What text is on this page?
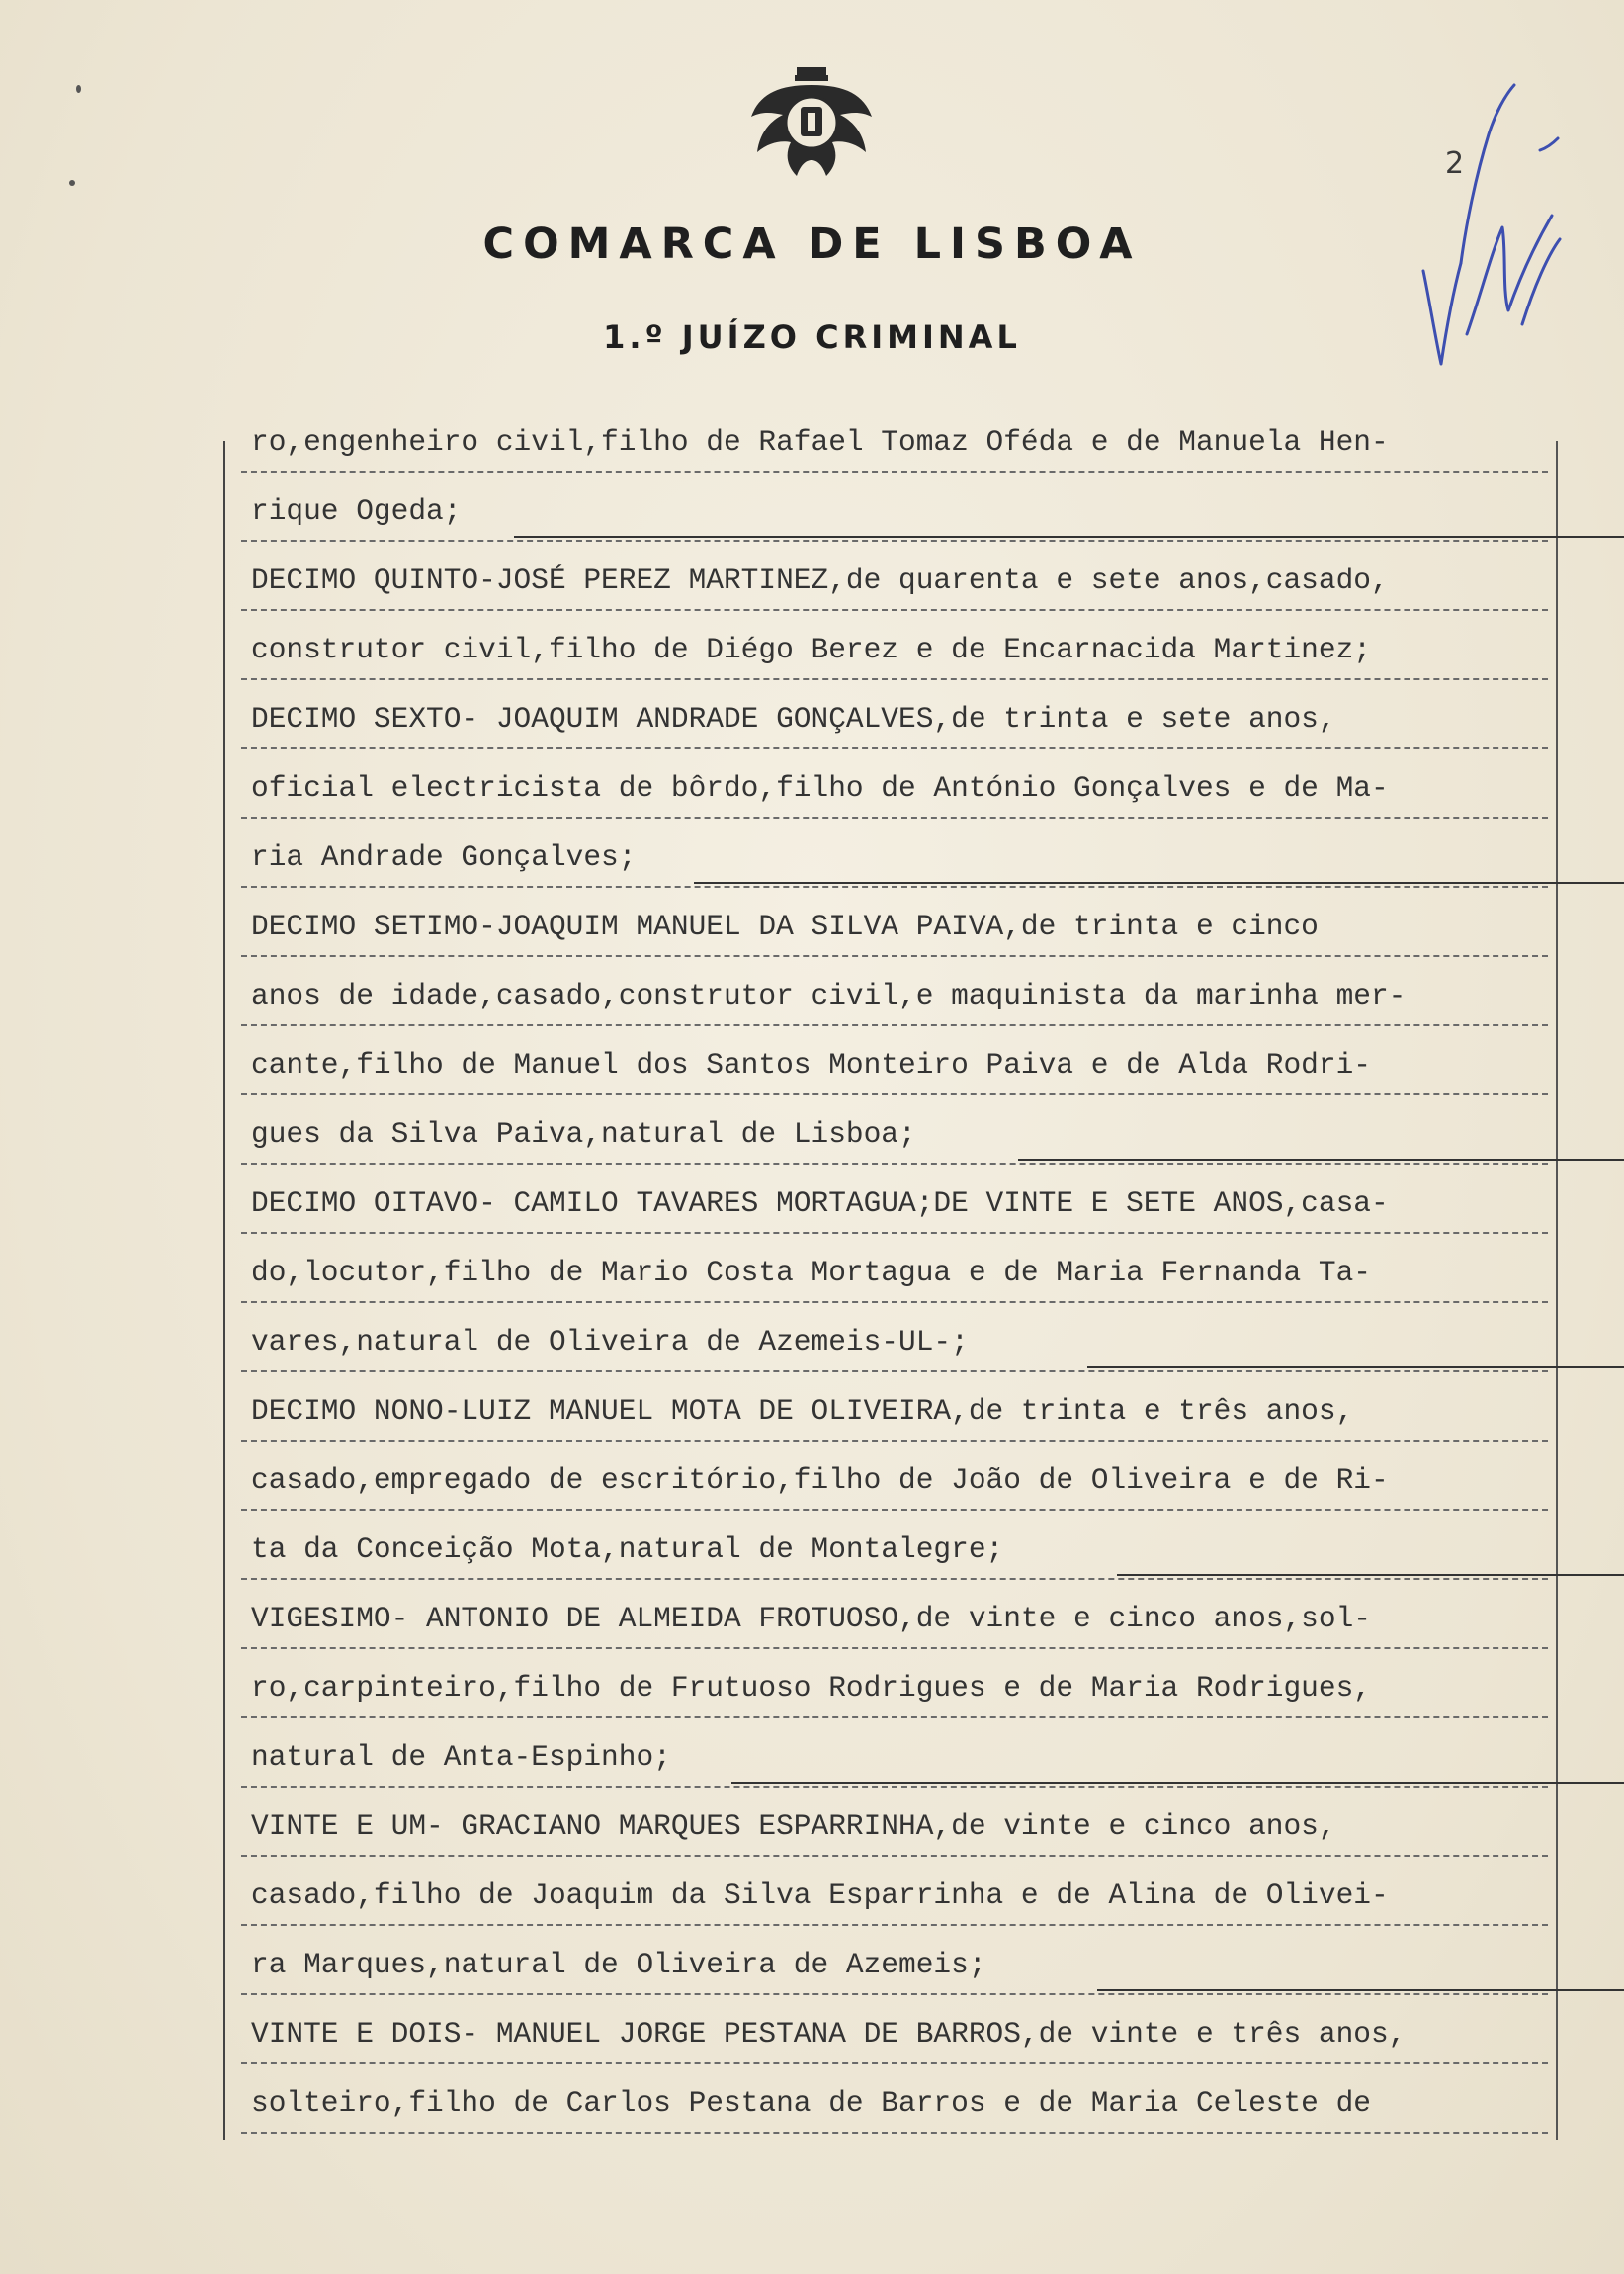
COMARCA DE LISBOA
1.º JUÍZO CRIMINAL
2
ro,engenheiro civil,filho de Rafael Tomaz Oféda e de Manuela Hen-
rique Ogeda;
DECIMO QUINTO-JOSÉ PEREZ MARTINEZ,de quarenta e sete anos,casado,
construtor civil,filho de Diégo Berez e de Encarnacida Martinez;
DECIMO SEXTO- JOAQUIM ANDRADE GONÇALVES,de trinta e sete anos,
oficial electricista de bôrdo,filho de António Gonçalves e de Ma-
ria Andrade Gonçalves;
DECIMO SETIMO-JOAQUIM MANUEL DA SILVA PAIVA,de trinta e cinco
anos de idade,casado,construtor civil,e maquinista da marinha mer-
cante,filho de Manuel dos Santos Monteiro Paiva e de Alda Rodri-
gues da Silva Paiva,natural de Lisboa;
DECIMO OITAVO- CAMILO TAVARES MORTAGUA;DE VINTE E SETE ANOS,casa-
do,locutor,filho de Mario Costa Mortagua e de Maria Fernanda Ta-
vares,natural de Oliveira de Azemeis-UL-;
DECIMO NONO-LUIZ MANUEL MOTA DE OLIVEIRA,de trinta e três anos,
casado,empregado de escritório,filho de João de Oliveira e de Ri-
ta da Conceição Mota,natural de Montalegre;
VIGESIMO- ANTONIO DE ALMEIDA FROTUOSO,de vinte e cinco anos,sol-
ro,carpinteiro,filho de Frutuoso Rodrigues e de Maria Rodrigues,
natural de Anta-Espinho;
VINTE E UM- GRACIANO MARQUES ESPARRINHA,de vinte e cinco anos,
casado,filho de Joaquim da Silva Esparrinha e de Alina de Olivei-
ra Marques,natural de Oliveira de Azemeis;
VINTE E DOIS- MANUEL JORGE PESTANA DE BARROS,de vinte e três anos,
solteiro,filho de Carlos Pestana de Barros e de Maria Celeste de
